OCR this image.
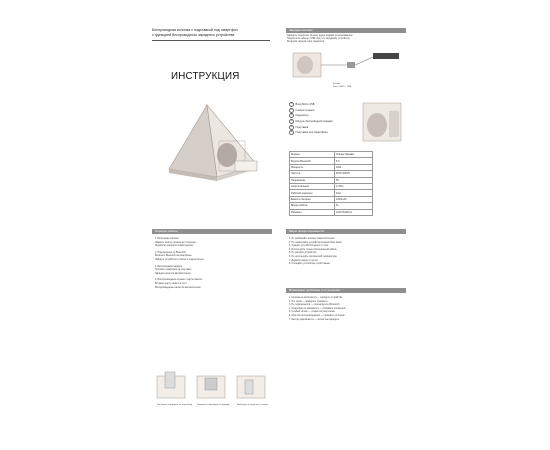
Беспроводная колонка с подставкой под смартфон
с функцией беспроводного зарядного устройства
ИНСТРУКЦИЯ
Зарядка колонки
Зарядите полностью колонку перед первым использованием.
Подключите кабель к USB порту и к зарядному устройству.
Во время зарядки горит индикатор.
Кабель
Micro USB — USB
1 Вход Micro USB
2 Кнопка питания
3 Индикатор
4 Модуль беспроводной зарядки
5 Подставка
6 Подставка для смартфона
Модель	Orange Speaker
Версия Bluetooth	5.0
Мощность	10W
Частота	20Hz-20KHz
Напряжение	5V
Сопротивление	4 Ohm
Рабочий диапазон	10м
Ёмкость батареи	1200mAh
Время работы	5ч
Размеры	110x76x68mm
Порядок работы
1. Включение колонки.
Зажмите кнопку питания на 3 секунды.
Индикатор загорится синим цветом.
2. Подключение по Bluetooth.
Включите Bluetooth на смартфоне.
Найдите устройство в списке и подключитесь.
3. Беспроводная зарядка.
Положите смартфон на подставку.
Зарядка начнётся автоматически.
4. Воспроизведение музыки с карты памяти.
Вставьте карту памяти в слот.
Воспроизведение начнётся автоматически.
Поставьте смартфон на подставку Положите смартфон на зарядку	Выберите устройство в списке
Меры предосторожности
1. Не разбирайте колонку самостоятельно.
2. Не подвергайте устройство воздействию влаги.
3. Храните устройство вдали от огня.
4. Используйте только оригинальный кабель.
5. Не роняйте устройство.
6. Не используйте при высокой температуре.
7. Держите вдали от детей.
8. Очищайте устройство сухой тканью.
Возможные проблемы и их решения
1. Колонка не включается — зарядите устройство.
2. Нет звука — проверьте громкость.
3. Не подключается — перезагрузите Bluetooth.
4. Смартфон не заряжается — поправьте положение.
5. Слабый сигнал — сократите расстояние.
6. Шум при воспроизведении — проверьте источник.
7. Быстро разряжается — полностью зарядите.
